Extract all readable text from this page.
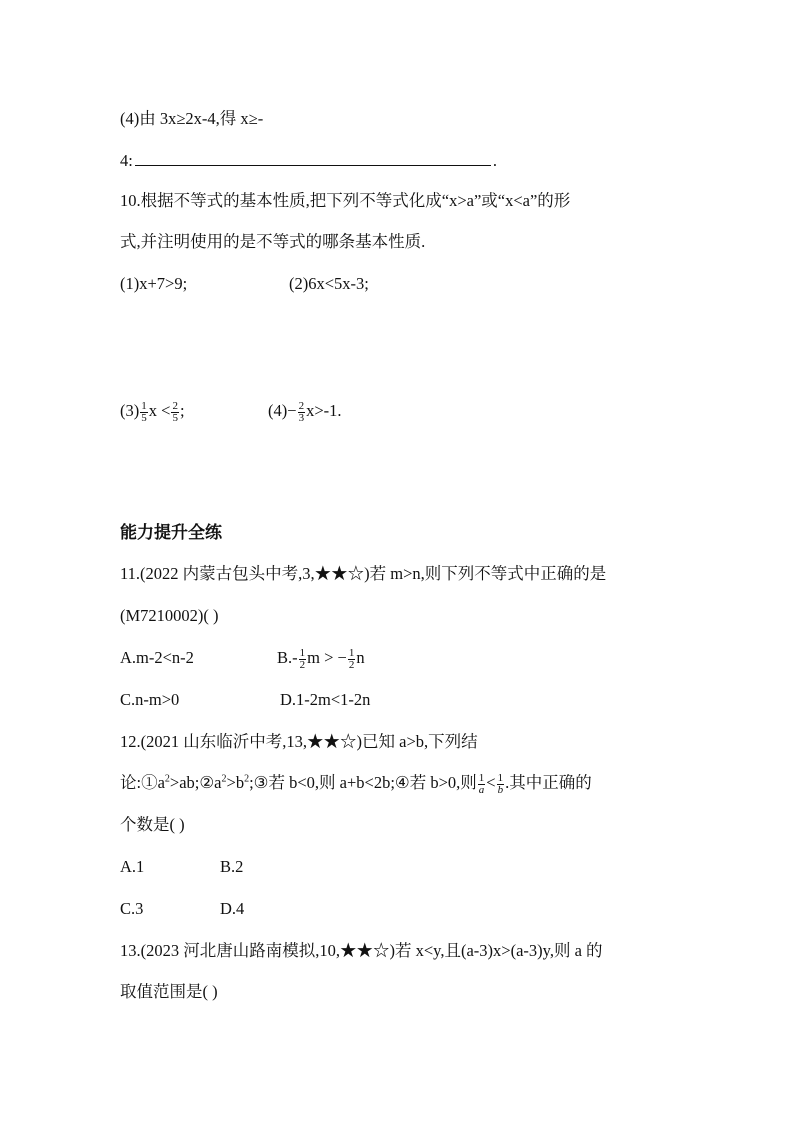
(4)由 3x≥2x-4,得 x≥-
4:	.
10.根据不等式的基本性质,把下列不等式化成“x>a”或“x<a”的形
式,并注明使用的是不等式的哪条基本性质.
(1)x+7>9;	(2)6x<5x-3;
$(3) \frac{1}{5}$ $x < \frac{2}{5}$ ;	$(4)- \frac{2}{3} x>-1$.
能力提升全练
11.(2022 内蒙古包头中考,3,★★☆)若 m>n,则下列不等式中正确的是
(M7210002)( )
A.m-2<n-2	$B.- \frac{1}{2}$ m > − $\frac{1}{2}$ n
C.n-m>0	D.1-2m<1-2n
12.(2021 山东临沂中考,13,★★☆)已知 a>b,下列结
论$:①a^2>ab;②a^2>b^2;③$若 b<0,则 a+b<2b;④若 b>0,则 $\frac{1}{a} < \frac{1}{b}$ .其中正确的
个数是( )
A.1	B.2
C.3	D.4
13.(2023 河北唐山路南模拟,10,★★☆)若 x<y,且(a-3)x>(a-3)y,则 a 的
取值范围是( )
